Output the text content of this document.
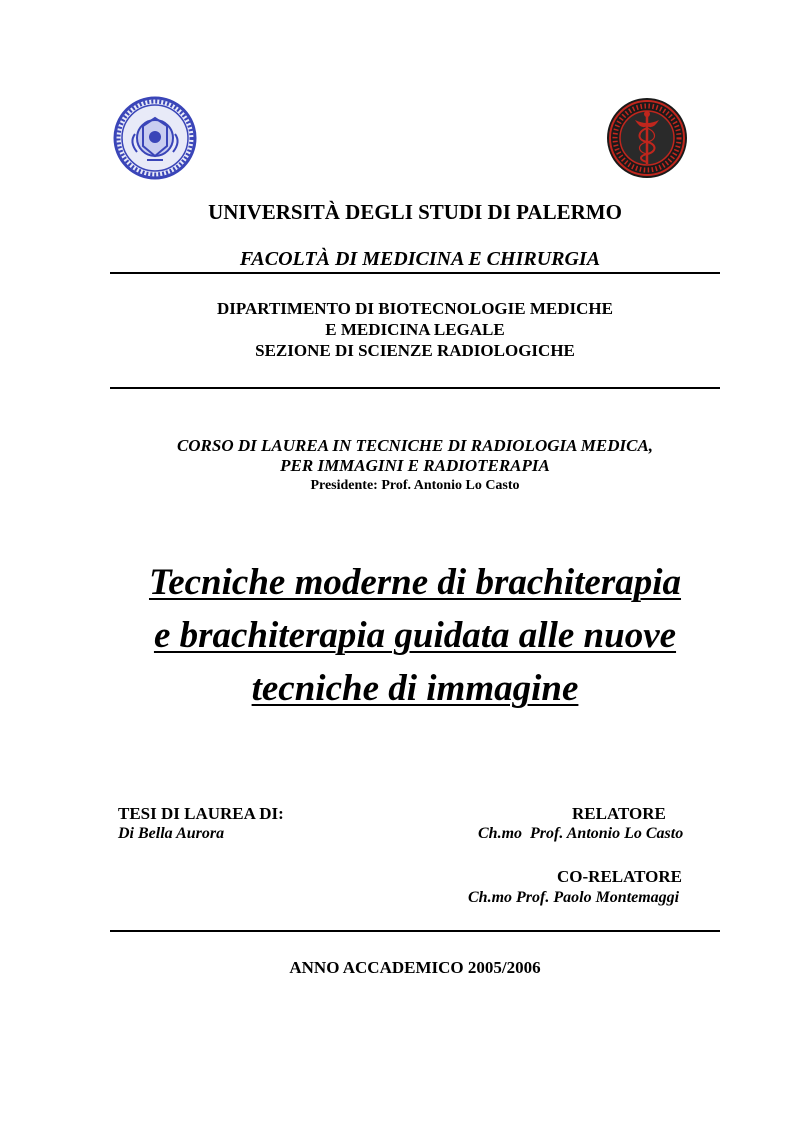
UNIVERSITÀ DEGLI STUDI DI PALERMO
FACOLTÀ DI MEDICINA E CHIRURGIA
DIPARTIMENTO DI BIOTECNOLOGIE MEDICHE
E MEDICINA LEGALE
SEZIONE DI SCIENZE RADIOLOGICHE
CORSO DI LAUREA IN TECNICHE DI RADIOLOGIA MEDICA,
PER IMMAGINI E RADIOTERAPIA
Presidente: Prof. Antonio Lo Casto
Tecniche moderne di brachiterapia
e brachiterapia guidata alle nuove
tecniche di immagine
TESI DI LAUREA DI:
Di Bella Aurora
RELATORE
Ch.mo  Prof. Antonio Lo Casto
CO-RELATORE
Ch.mo Prof. Paolo Montemaggi
ANNO ACCADEMICO 2005/2006
